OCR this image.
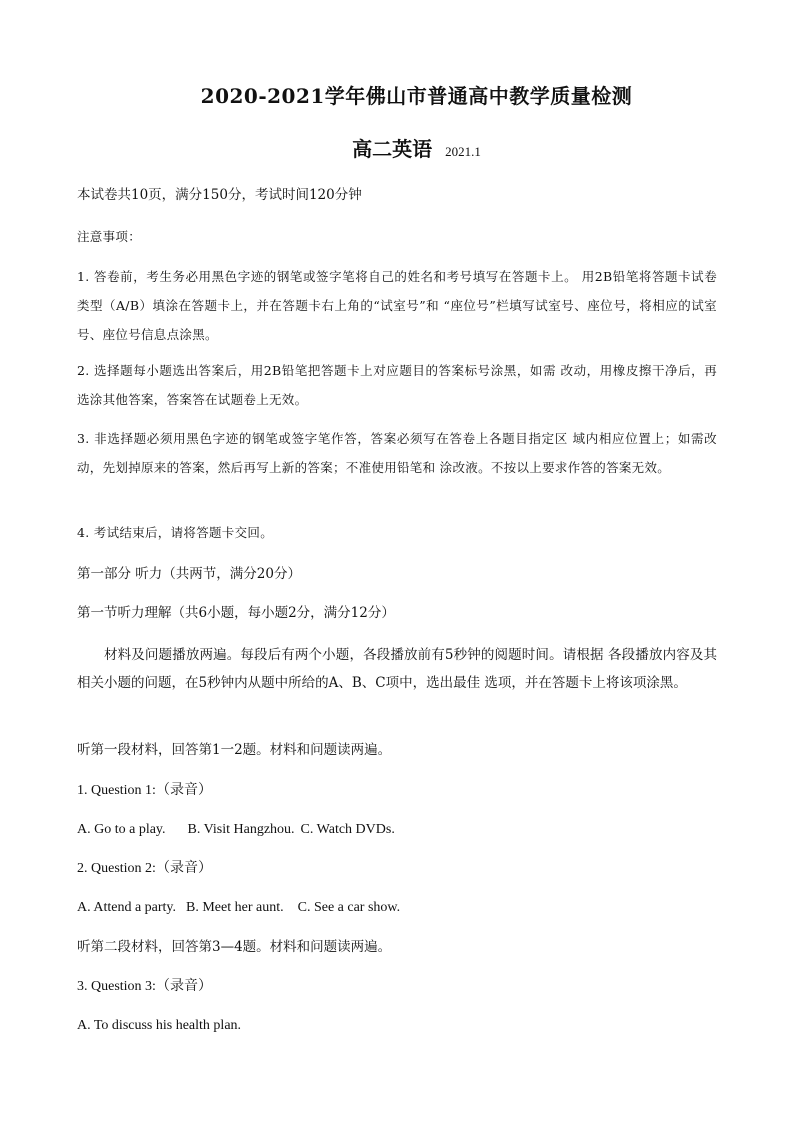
2020-2021学年佛山市普通高中教学质量检测
高二英语 2021.1
本试卷共10页，满分150分，考试时间120分钟
注意事项：
1. 答卷前，考生务必用黑色字迹的钢笔或签字笔将自己的姓名和考号填写在答题卡上。 用2B铅笔将答题卡试卷类型（A/B）填涂在答题卡上，并在答题卡右上角的“试室号”和 “座位号”栏填写试室号、座位号，将相应的试室号、座位号信息点涂黑。
2. 选择题每小题选出答案后，用2B铅笔把答题卡上对应题目的答案标号涂黑，如需 改动，用橡皮擦干净后，再选涂其他答案，答案答在试题卷上无效。
3. 非选择题必须用黑色字迹的钢笔或签字笔作答，答案必须写在答卷上各题目指定区 域内相应位置上；如需改动，先划掉原来的答案，然后再写上新的答案；不准使用铅笔和 涂改液。不按以上要求作答的答案无效。
4. 考试结束后，请将答题卡交回。
第一部分 听力（共两节，满分20分）
第一节听力理解（共6小题，每小题2分，满分12分）
材料及问题播放两遍。每段后有两个小题，各段播放前有5秒钟的阅题时间。请根据 各段播放内容及其相关小题的问题，在5秒钟内从题中所给的A、B、C项中，选出最佳 选项，并在答题卡上将该项涂黑。
听第一段材料，回答第1一2题。材料和问题读两遍。
1. Question 1:（录音）
A. Go to a play. B. Visit Hangzhou. C. Watch DVDs.
2. Question 2:（录音）
A. Attend a party. B. Meet her aunt. C. See a car show.
听第二段材料，回答第3—4题。材料和问题读两遍。
3. Question 3:（录音）
A. To discuss his health plan.
